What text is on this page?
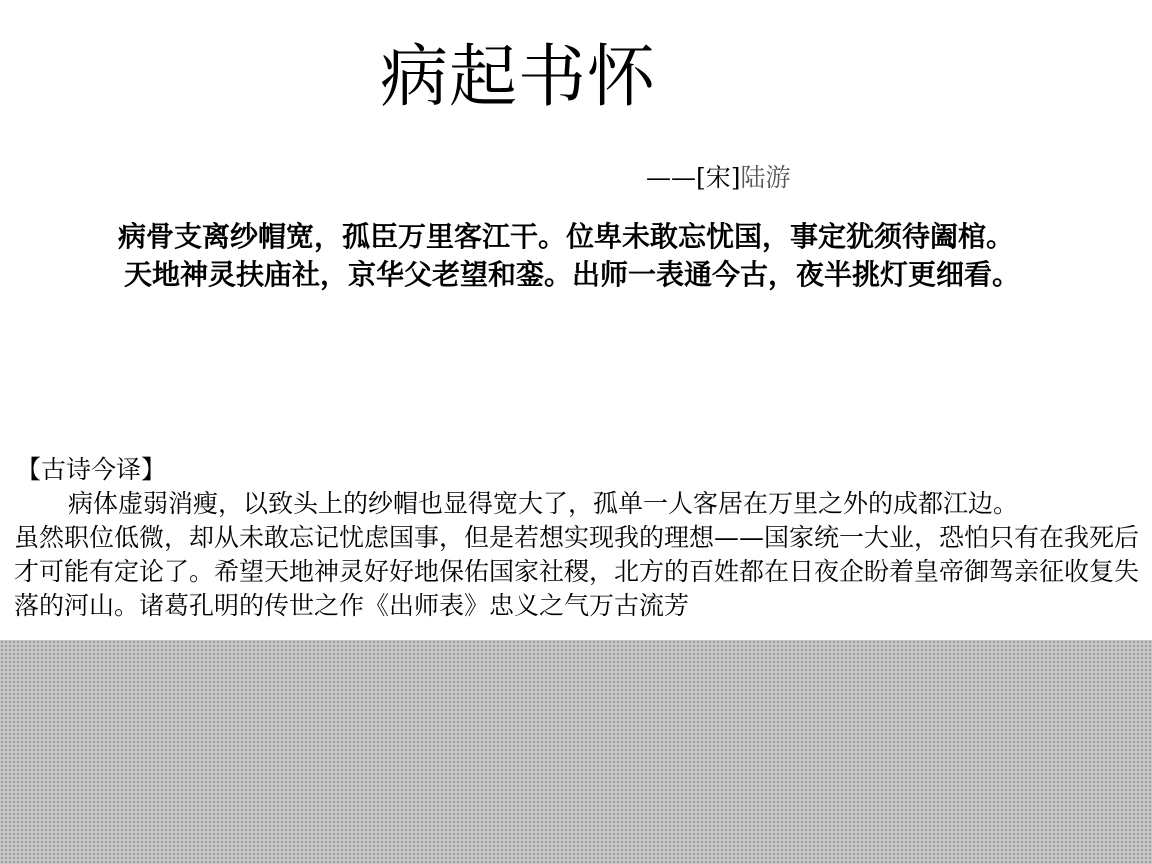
病起书怀
——[宋]陆游

病骨支离纱帽宽，孤臣万里客江干。位卑未敢忘忧国，事定犹须待阖棺。

天地神灵扶庙社，京华父老望和銮。出师一表通今古，夜半挑灯更细看。

【古诗今译】

病体虚弱消瘦，以致头上的纱帽也显得宽大了，孤单一人客居在万里之外的成都江边。

虽然职位低微，却从未敢忘记忧虑国事，但是若想实现我的理想——国家统一大业，恐怕只有在我死后才可能有定论了。希望天地神灵好好地保佑国家社稷，北方的百姓都在日夜企盼着皇帝御驾亲征收复失落的河山。诸葛孔明的传世之作《出师表》忠义之气万古流芳
